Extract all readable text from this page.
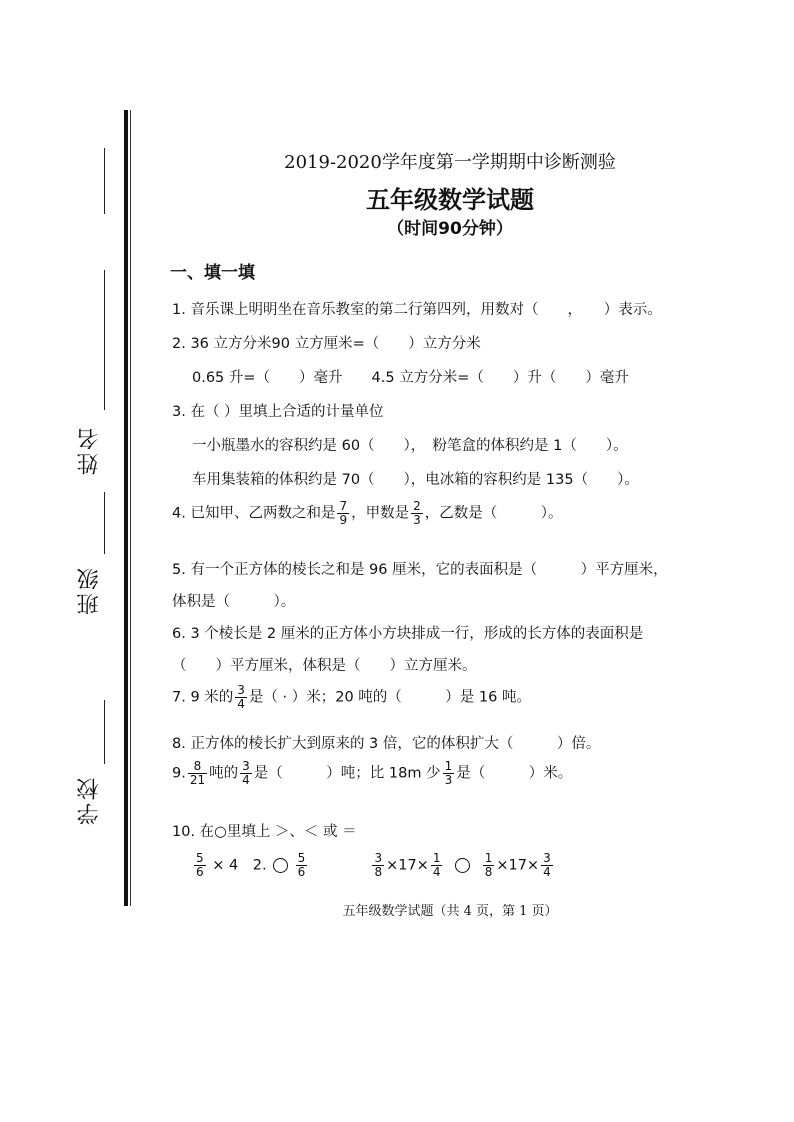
姓名
班级
学校
2019-2020学年度第一学期期中诊断测验
五年级数学试题
（时间90分钟）
一、填一填
1. 音乐课上明明坐在音乐教室的第二行第四列，用数对（　　，　　）表示。
2. 36 立方分米90 立方厘米=（　　）立方分米
0.65 升=（　　）毫升　　4.5 立方分米=（　　）升（　　）毫升
3. 在（ ）里填上合适的计量单位
一小瓶墨水的容积约是 60（　　），　粉笔盒的体积约是 1（　　）。
车用集装箱的体积约是 70（　　），电冰箱的容积约是 135（　　）。
4. 已知甲、乙两数之和是 $\frac{7}{9}$ ，甲数是 $\frac{2}{3}$ ，乙数是（　　　）。
5. 有一个正方体的棱长之和是 96 厘米，它的表面积是（　　　）平方厘米，
体积是（　　　）。
6. 3 个棱长是 2 厘米的正方体小方块排成一行，形成的长方体的表面积是
（　　）平方厘米，体积是（　　）立方厘米。
7. 9 米的 $\frac{3}{4}$ 是（ · ）米；20 吨的（　　　）是 16 吨。
8. 正方体的棱长扩大到原来的 3 倍，它的体积扩大（　　　）倍。
9. $\frac{8}{21}$ 吨的 $\frac{3}{4}$ 是（　　　）吨；比 18m 少 $\frac{1}{3}$ 是（　　　）米。
10. 在○里填上 ＞、＜ 或 ＝
$\frac{5}{6} \times 4$　2. $\frac{5}{6}$
	$\frac{3}{8} \times 17\times \frac{1}{4}$
	$\frac{1}{8} \times 17\times \frac{3}{4}$
五年级数学试题（共 4 页，第 1 页）
